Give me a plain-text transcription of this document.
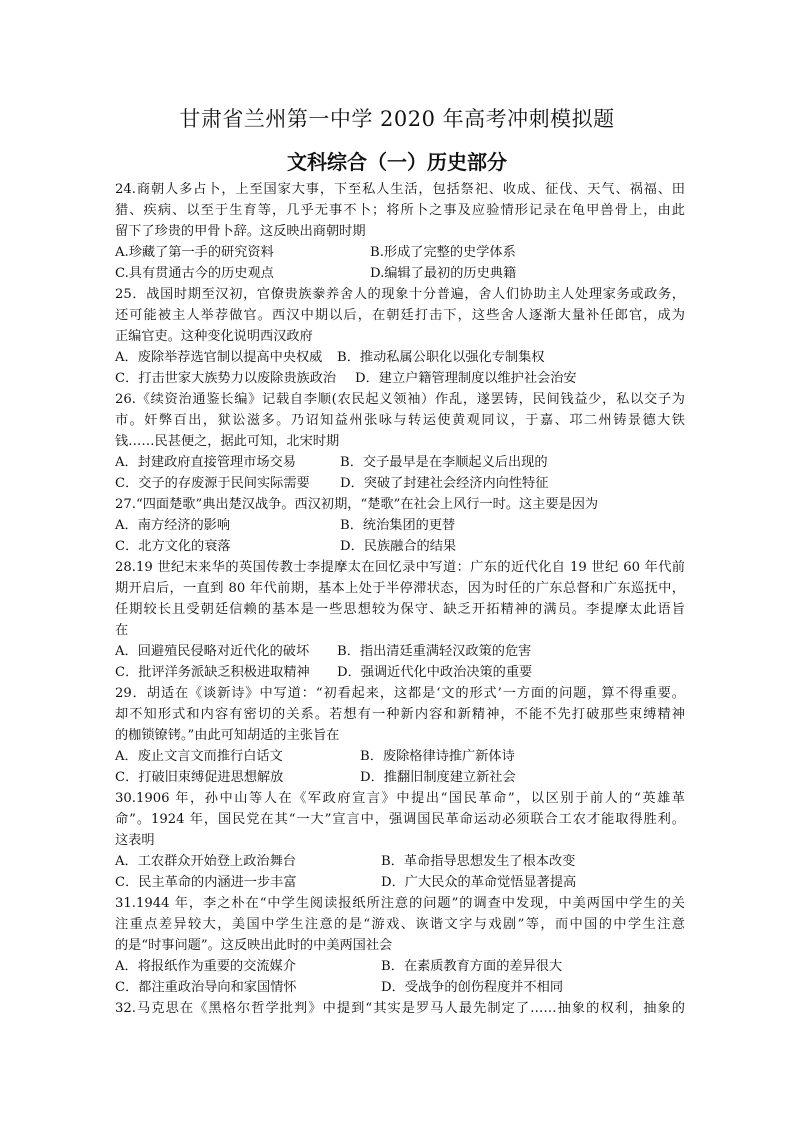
甘肃省兰州第一中学 2020 年高考冲刺模拟题
文科综合（一）历史部分
24.商朝人多占卜，上至国家大事，下至私人生活，包括祭祀、收成、征伐、天气、祸福、田
猎、疾病、以至于生育等，几乎无事不卜；将所卜之事及应验情形记录在龟甲兽骨上，由此
留下了珍贵的甲骨卜辞。这反映出商朝时期
A.珍藏了第一手的研究资料	B.形成了完整的史学体系
C.具有贯通古今的历史观点	D.编辑了最初的历史典籍
25．战国时期至汉初，官僚贵族豢养舍人的现象十分普遍，舍人们协助主人处理家务或政务，
还可能被主人举荐做官。西汉中期以后，在朝廷打击下，这些舍人逐渐大量补任郎官，成为
正编官吏。这种变化说明西汉政府
A．废除举荐选官制以提高中央权威 B．推动私属公职化以强化专制集权
C．打击世家大族势力以废除贵族政治 D．建立户籍管理制度以维护社会治安
26.《续资治通鉴长编》记载自李顺(农民起义领袖）作乱，遂罢铸，民间钱益少，私以交子为
市。奸弊百出，狱讼滋多。乃诏知益州张咏与转运使黄观同议，于嘉、邛二州铸景德大铁
钱……民甚便之，据此可知，北宋时期
A．封建政府直接管理市场交易	B．交子最早是在李顺起义后出现的
C．交子的存废源于民间实际需要 D．突破了封建社会经济内向性特征
27.“四面楚歌”典出楚汉战争。西汉初期，“楚歌”在社会上风行一时。这主要是因为
A．南方经济的影响	B．统治集团的更替
C．北方文化的衰落	D．民族融合的结果
28.19 世纪末来华的英国传教士李提摩太在回忆录中写道：广东的近代化自 19 世纪 60 年代前
期开启后，一直到 80 年代前期，基本上处于半停滞状态，因为时任的广东总督和广东巡抚中，
任期较长且受朝廷信赖的基本是一些思想较为保守、缺乏开拓精神的满员。李提摩太此语旨
在
A．回避殖民侵略对近代化的破坏 B．指出清廷重满轻汉政策的危害
C．批评洋务派缺乏积极进取精神 D．强调近代化中政治决策的重要
29．胡适在《谈新诗》中写道：“初看起来，这都是‘文的形式’一方面的问题，算不得重要。
却不知形式和内容有密切的关系。若想有一种新内容和新精神，不能不先打破那些束缚精神
的枷锁镣铐。”由此可知胡适的主张旨在
A．废止文言文而推行白话文	B．废除格律诗推广新体诗
C．打破旧束缚促进思想解放	D．推翻旧制度建立新社会
30.1906 年，孙中山等人在《军政府宣言》中提出“国民革命”，以区别于前人的“英雄革
命”。1924 年，国民党在其“一大”宣言中，强调国民革命运动必须联合工农才能取得胜利。
这表明
A．工农群众开始登上政治舞台	B．革命指导思想发生了根本改变
C．民主革命的内涵进一步丰富	D．广大民众的革命觉悟显著提高
31.1944 年，李之朴在“中学生阅读报纸所注意的问题”的调查中发现，中美两国中学生的关
注重点差异较大，美国中学生注意的是“游戏、诙谐文字与戏剧”等，而中国的中学生注意
的是“时事问题”。这反映出此时的中美两国社会
A．将报纸作为重要的交流媒介	B．在素质教育方面的差异很大
C．都注重政治导向和家国情怀	D．受战争的创伤程度并不相同
32.马克思在《黑格尔哲学批判》中提到“其实是罗马人最先制定了……抽象的权利，抽象的
